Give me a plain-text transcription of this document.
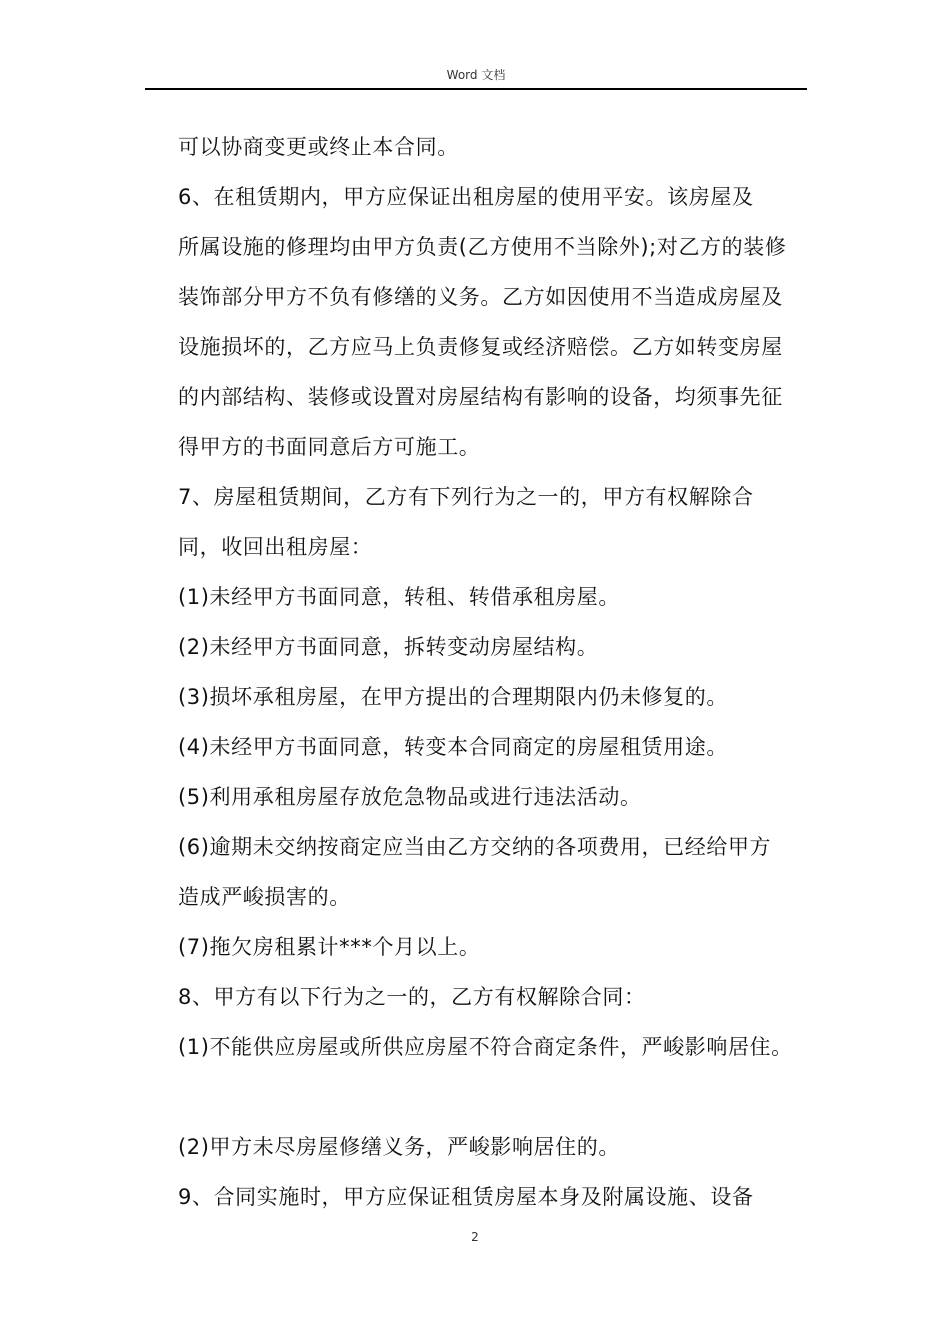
Word 文档
可以协商变更或终止本合同。
6、在租赁期内，甲方应保证出租房屋的使用平安。该房屋及
所属设施的修理均由甲方负责(乙方使用不当除外);对乙方的装修
装饰部分甲方不负有修缮的义务。乙方如因使用不当造成房屋及
设施损坏的，乙方应马上负责修复或经济赔偿。乙方如转变房屋
的内部结构、装修或设置对房屋结构有影响的设备，均须事先征
得甲方的书面同意后方可施工。
7、房屋租赁期间，乙方有下列行为之一的，甲方有权解除合
同，收回出租房屋：
(1)未经甲方书面同意，转租、转借承租房屋。
(2)未经甲方书面同意，拆转变动房屋结构。
(3)损坏承租房屋，在甲方提出的合理期限内仍未修复的。
(4)未经甲方书面同意，转变本合同商定的房屋租赁用途。
(5)利用承租房屋存放危急物品或进行违法活动。
(6)逾期未交纳按商定应当由乙方交纳的各项费用，已经给甲方
造成严峻损害的。
(7)拖欠房租累计***个月以上。
8、甲方有以下行为之一的，乙方有权解除合同：
(1)不能供应房屋或所供应房屋不符合商定条件，严峻影响居住。
(2)甲方未尽房屋修缮义务，严峻影响居住的。
9、合同实施时，甲方应保证租赁房屋本身及附属设施、设备
2
